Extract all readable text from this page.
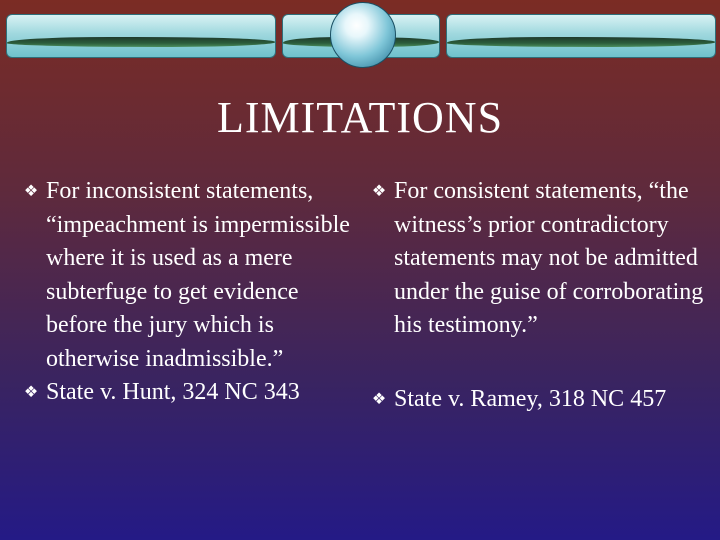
LIMITATIONS
❖ For inconsistent statements, “impeachment is impermissible where it is used as a mere subterfuge to get evidence before the jury which is otherwise inadmissible.”
❖ State v. Hunt, 324 NC 343
❖ For consistent statements, “the witness’s prior contradictory statements may not be admitted under the guise of corroborating his testimony.”
❖ State v. Ramey, 318 NC 457
